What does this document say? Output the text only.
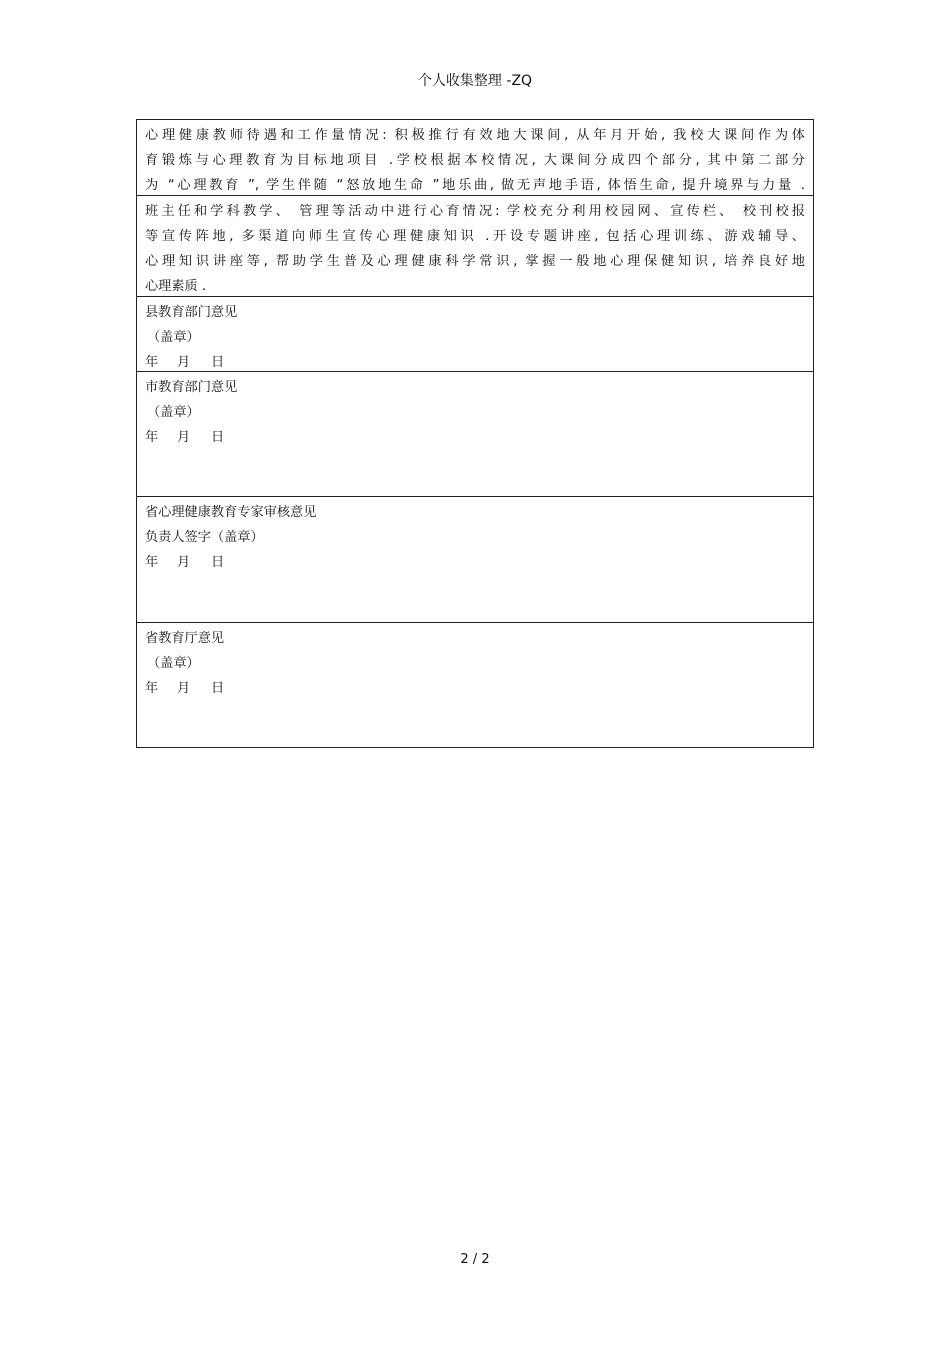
个人收集整理 -ZQ
心理健康教师待遇和工作量情况: 积极推行有效地大课间, 从年月开始, 我校大课间作为体
育锻炼与心理教育为目标地项目 .学校根据本校情况, 大课间分成四个部分, 其中第二部分
为 “心理教育 ”, 学生伴随 “怒放地生命 ”地乐曲, 做无声地手语, 体悟生命, 提升境界与力量 .
班主任和学科教学、 管理等活动中进行心育情况: 学校充分利用校园网、宣传栏、 校刊校报
等宣传阵地, 多渠道向师生宣传心理健康知识 .开设专题讲座, 包括心理训练、游戏辅导、
心理知识讲座等, 帮助学生普及心理健康科学常识, 掌握一般地心理保健知识, 培养良好地
心理素质 .
县教育部门意见
（盖章）
年 月 日
市教育部门意见
（盖章）
年 月 日
省心理健康教育专家审核意见
负责人签字（盖章）
年 月 日
省教育厅意见
（盖章）
年 月 日
2 / 2
